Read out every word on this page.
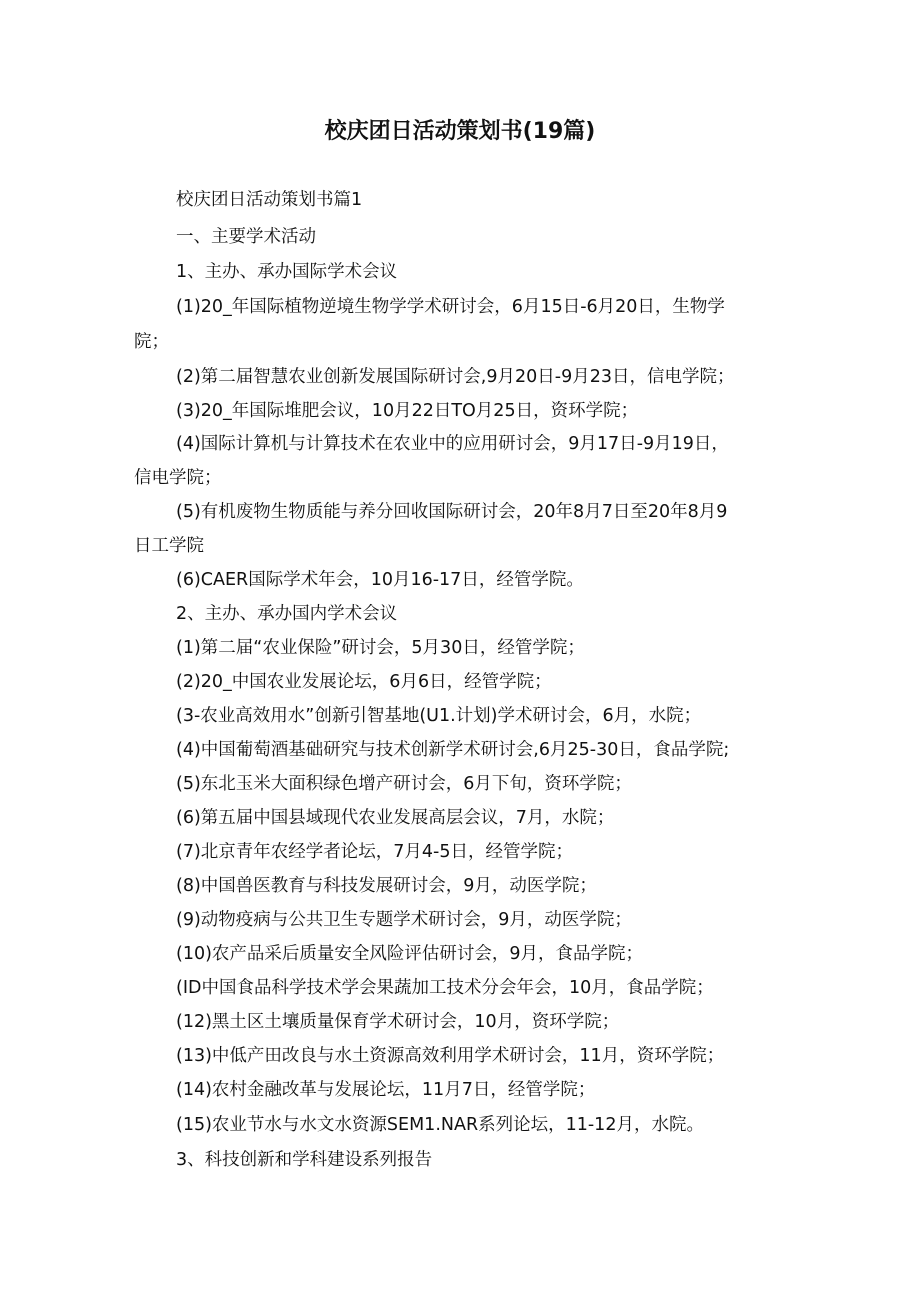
校庆团日活动策划书(19篇)
校庆团日活动策划书篇1
一、主要学术活动
1、主办、承办国际学术会议
(1)20_年国际植物逆境生物学学术研讨会，6月15日-6月20日，生物学
院；
(2)第二届智慧农业创新发展国际研讨会,9月20日-9月23日，信电学院；
(3)20_年国际堆肥会议，10月22日TO月25日，资环学院；
(4)国际计算机与计算技术在农业中的应用研讨会，9月17日-9月19日，
信电学院；
(5)有机废物生物质能与养分回收国际研讨会，20年8月7日至20年8月9
日工学院
(6)CAER国际学术年会，10月16-17日，经管学院。
2、主办、承办国内学术会议
(1)第二届“农业保险”研讨会，5月30日，经管学院；
(2)20_中国农业发展论坛，6月6日，经管学院；
(3-农业高效用水”创新引智基地(U1.计划)学术研讨会，6月，水院；
(4)中国葡萄酒基础研究与技术创新学术研讨会,6月25-30日，食品学院;
(5)东北玉米大面积绿色增产研讨会，6月下旬，资环学院；
(6)第五届中国县域现代农业发展高层会议，7月，水院；
(7)北京青年农经学者论坛，7月4-5日，经管学院；
(8)中国兽医教育与科技发展研讨会，9月，动医学院；
(9)动物疫病与公共卫生专题学术研讨会，9月，动医学院；
(10)农产品采后质量安全风险评估研讨会，9月，食品学院；
(ID中国食品科学技术学会果蔬加工技术分会年会，10月，食品学院；
(12)黑土区土壤质量保育学术研讨会，10月，资环学院；
(13)中低产田改良与水土资源高效利用学术研讨会，11月，资环学院；
(14)农村金融改革与发展论坛，11月7日，经管学院；
(15)农业节水与水文水资源SEM1.NAR系列论坛，11-12月，水院。
3、科技创新和学科建设系列报告
